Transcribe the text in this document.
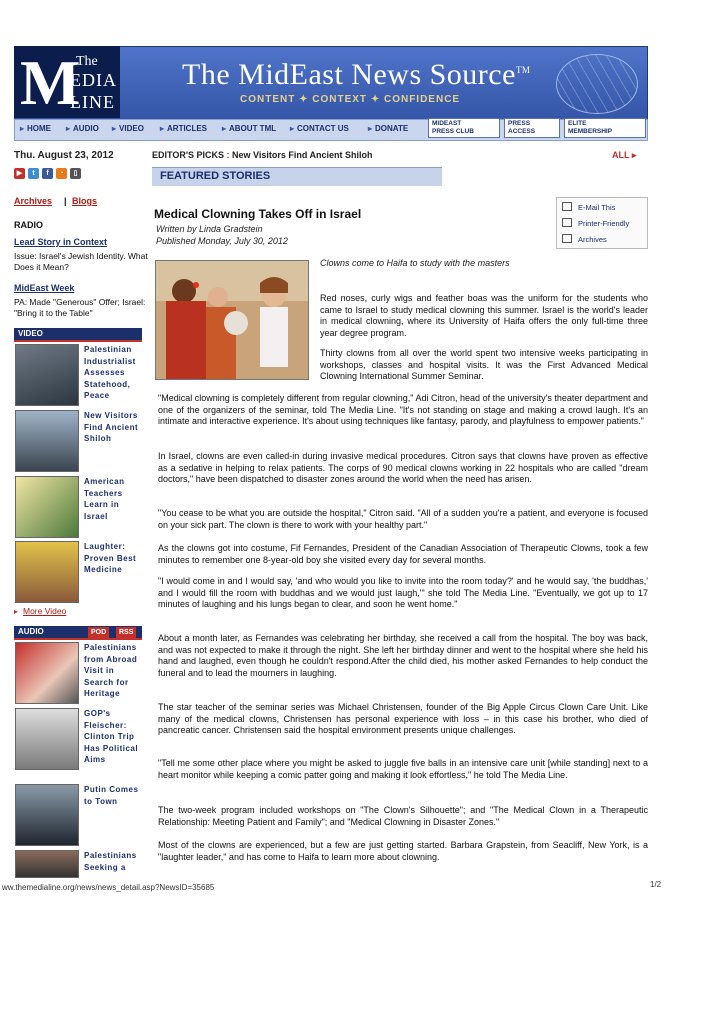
M
The
EDIA
LINE
The MidEast News Source™
CONTENT ✦ CONTEXT ✦ CONFIDENCE
▸ HOME	▸ AUDIO	▸ VIDEO	▸ ARTICLES	▸ ABOUT TML	▸ CONTACT US	▸ DONATE
MIDEAST
PRESS CLUB
PRESS
ACCESS
ELITE
MEMBERSHIP
Thu. August 23, 2012	EDITOR'S PICKS : New Visitors Find Ancient Shiloh	ALL ▸
▶	t	f	◔	▯	FEATURED STORIES
Archives | Blogs
RADIO
Lead Story in Context
Issue: Israel's Jewish Identity. What Does it Mean?
MidEast Week
PA: Made "Generous" Offer; Israel: "Bring it to the Table"
VIDEO
Palestinian Industrialist Assesses Statehood, Peace
New Visitors Find Ancient Shiloh
American Teachers Learn in Israel
Laughter: Proven Best Medicine
▸ More Video
AUDIO	POD	RSS
Palestinians from Abroad Visit in Search for Heritage
GOP's Fleischer: Clinton Trip Has Political Aims
Putin Comes to Town
Palestinians Seeking a
Medical Clowning Takes Off in Israel
Written by Linda Gradstein
Published Monday, July 30, 2012
E-Mail This
Printer-Friendly
Archives
Clowns come to Haifa to study with the masters
Red noses, curly wigs and feather boas was the uniform for the students who came to Israel to study medical clowning this summer. Israel is the world's leader in medical clowning, where its University of Haifa offers the only full-time three year degree program.
Thirty clowns from all over the world spent two intensive weeks participating in workshops, classes and hospital visits. It was the First Advanced Medical Clowning International Summer Seminar.
"Medical clowning is completely different from regular clowning," Adi Citron, head of the university's theater department and one of the organizers of the seminar, told The Media Line. "It's not standing on stage and making a crowd laugh. It's an intimate and interactive experience. It's about using techniques like fantasy, parody, and playfulness to empower patients."
In Israel, clowns are even called-in during invasive medical procedures. Citron says that clowns have proven as effective as a sedative in helping to relax patients. The corps of 90 medical clowns working in 22 hospitals who are called "dream doctors," have been dispatched to disaster zones around the world when the need has arisen.
"You cease to be what you are outside the hospital," Citron said. "All of a sudden you're a patient, and everyone is focused on your sick part. The clown is there to work with your healthy part."
As the clowns got into costume, Fif Fernandes, President of the Canadian Association of Therapeutic Clowns, took a few minutes to remember one 8-year-old boy she visited every day for several months.
"I would come in and I would say, 'and who would you like to invite into the room today?' and he would say, 'the buddhas,' and I would fill the room with buddhas and we would just laugh,'" she told The Media Line. "Eventually, we got up to 17 minutes of laughing and his lungs began to clear, and soon he went home."
About a month later, as Fernandes was celebrating her birthday, she received a call from the hospital. The boy was back, and was not expected to make it through the night. She left her birthday dinner and went to the hospital where she held his hand and laughed, even though he couldn't respond.After the child died, his mother asked Fernandes to help conduct the funeral and to lead the mourners in laughing.
The star teacher of the seminar series was Michael Christensen, founder of the Big Apple Circus Clown Care Unit. Like many of the medical clowns, Christensen has personal experience with loss – in this case his brother, who died of pancreatic cancer. Christensen said the hospital environment presents unique challenges.
"Tell me some other place where you might be asked to juggle five balls in an intensive care unit [while standing] next to a heart monitor while keeping a comic patter going and making it look effortless," he told The Media Line.
The two-week program included workshops on "The Clown's Silhouette"; and "The Medical Clown in a Therapeutic Relationship: Meeting Patient and Family"; and "Medical Clowning in Disaster Zones."
Most of the clowns are experienced, but a few are just getting started. Barbara Grapstein, from Seacliff, New York, is a "laughter leader," and has come to Haifa to learn more about clowning.
ww.themedialine.org/news/news_detail.asp?NewsID=35685	1/2
